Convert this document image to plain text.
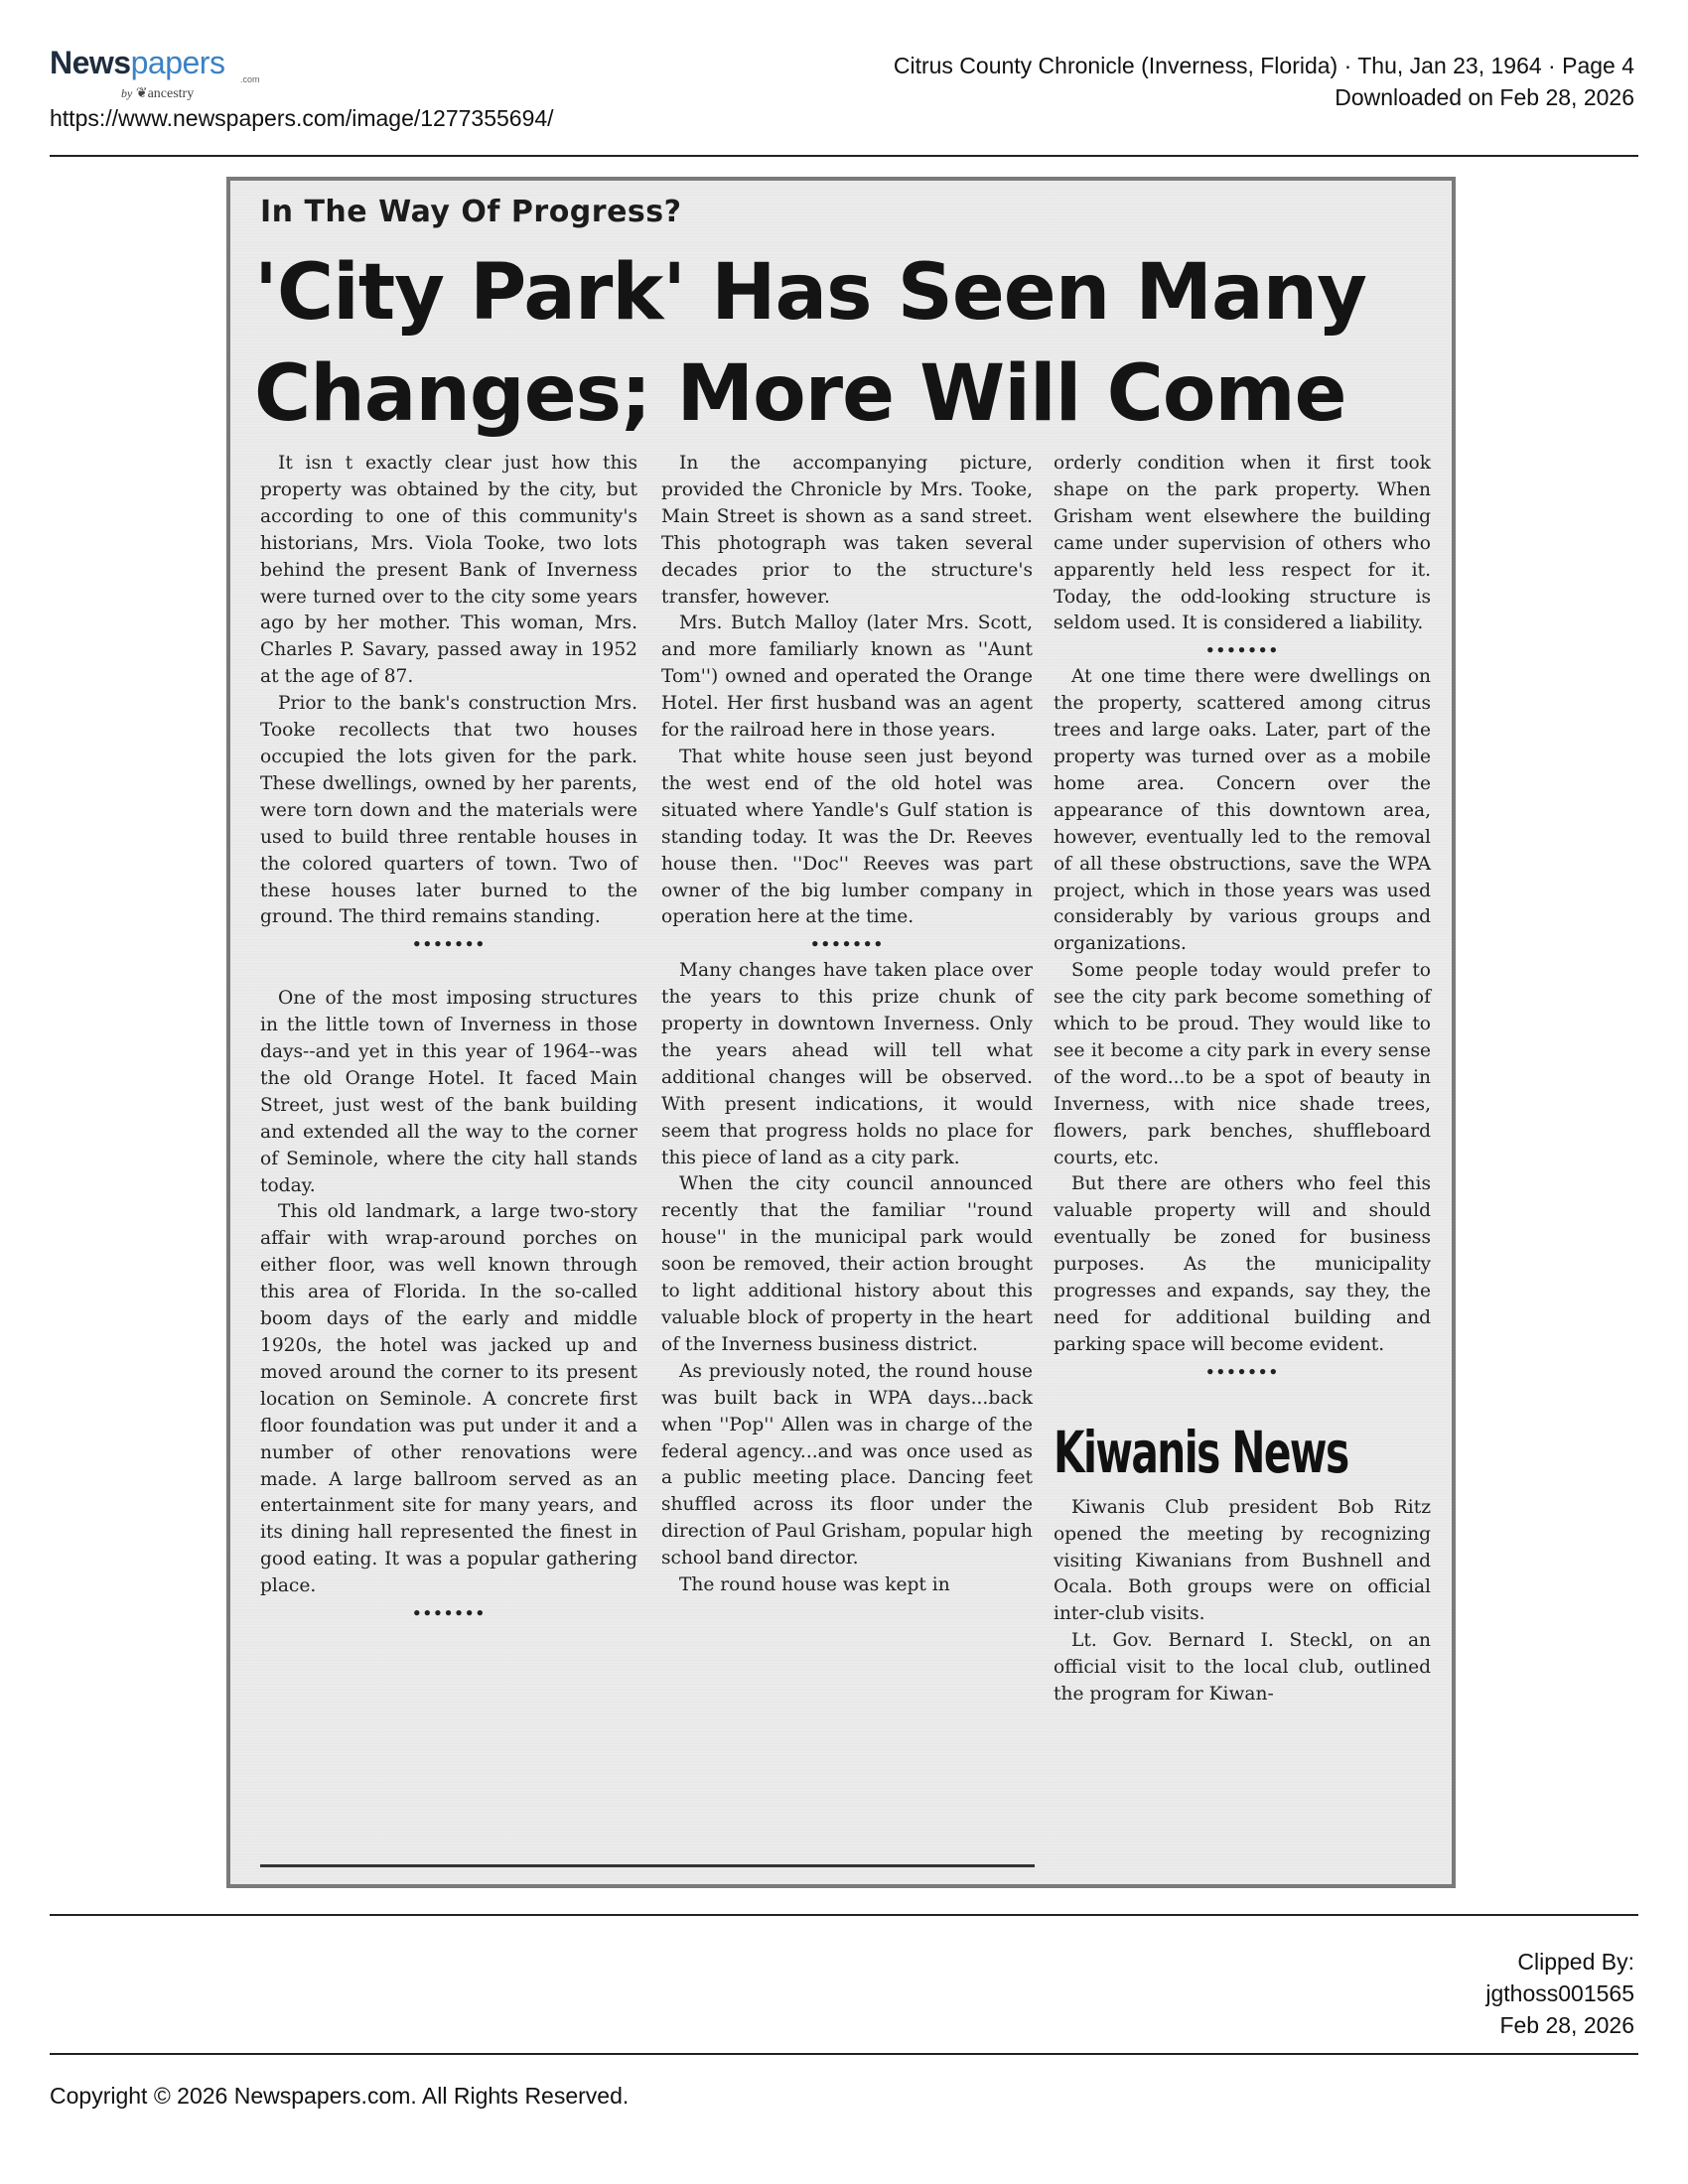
Newspapers	.com
by ❦ancestry
https://www.newspapers.com/image/1277355694/
Citrus County Chronicle (Inverness, Florida) · Thu, Jan 23, 1964 · Page 4
Downloaded on Feb 28, 2026
In The Way Of Progress?
'City Park' Has Seen Many Changes; More Will Come

It isn t exactly clear just how this property was obtained by the city, but according to one of this community's historians, Mrs. Viola Tooke, two lots behind the present Bank of Inverness were turned over to the city some years ago by her mother. This woman, Mrs. Charles P. Savary, passed away in 1952 at the age of 87.

Prior to the bank's construction Mrs. Tooke recollects that two houses occupied the lots given for the park. These dwellings, owned by her parents, were torn down and the materials were used to build three rentable houses in the colored quarters of town. Two of these houses later burned to the ground. The third remains standing.

•••••••

One of the most imposing structures in the little town of Inverness in those days--and yet in this year of 1964--was the old Orange Hotel. It faced Main Street, just west of the bank building and extended all the way to the corner of Seminole, where the city hall stands today.

This old landmark, a large two-story affair with wrap-around porches on either floor, was well known through this area of Florida. In the so-called boom days of the early and middle 1920s, the hotel was jacked up and moved around the corner to its present location on Seminole. A concrete first floor foundation was put under it and a number of other renovations were made. A large ballroom served as an entertainment site for many years, and its dining hall represented the finest in good eating. It was a popular gathering place.

•••••••

In the accompanying picture, provided the Chronicle by Mrs. Tooke, Main Street is shown as a sand street. This photograph was taken several decades prior to the structure's transfer, however.

Mrs. Butch Malloy (later Mrs. Scott, and more familiarly known as ''Aunt Tom'') owned and operated the Orange Hotel. Her first husband was an agent for the railroad here in those years.

That white house seen just beyond the west end of the old hotel was situated where Yandle's Gulf station is standing today. It was the Dr. Reeves house then. ''Doc'' Reeves was part owner of the big lumber company in operation here at the time.

•••••••

Many changes have taken place over the years to this prize chunk of property in downtown Inverness. Only the years ahead will tell what additional changes will be observed. With present indications, it would seem that progress holds no place for this piece of land as a city park.

When the city council announced recently that the familiar ''round house'' in the municipal park would soon be removed, their action brought to light additional history about this valuable block of property in the heart of the Inverness business district.

As previously noted, the round house was built back in WPA days...back when ''Pop'' Allen was in charge of the federal agency...and was once used as a public meeting place. Dancing feet shuffled across its floor under the direction of Paul Grisham, popular high school band director.

The round house was kept in

orderly condition when it first took shape on the park property. When Grisham went elsewhere the building came under supervision of others who apparently held less respect for it. Today, the odd-looking structure is seldom used. It is considered a liability.

•••••••

At one time there were dwellings on the property, scattered among citrus trees and large oaks. Later, part of the property was turned over as a mobile home area. Concern over the appearance of this downtown area, however, eventually led to the removal of all these obstructions, save the WPA project, which in those years was used considerably by various groups and organizations.

Some people today would prefer to see the city park become something of which to be proud. They would like to see it become a city park in every sense of the word...to be a spot of beauty in Inverness, with nice shade trees, flowers, park benches, shuffleboard courts, etc.

But there are others who feel this valuable property will and should eventually be zoned for business purposes. As the municipality progresses and expands, say they, the need for additional building and parking space will become evident.

•••••••

Kiwanis News

Kiwanis Club president Bob Ritz opened the meeting by recognizing visiting Kiwanians from Bushnell and Ocala. Both groups were on official inter-club visits.

Lt. Gov. Bernard I. Steckl, on an official visit to the local club, outlined the program for Kiwan-

Clipped By:
jgthoss001565
Feb 28, 2026
Copyright © 2026 Newspapers.com. All Rights Reserved.
